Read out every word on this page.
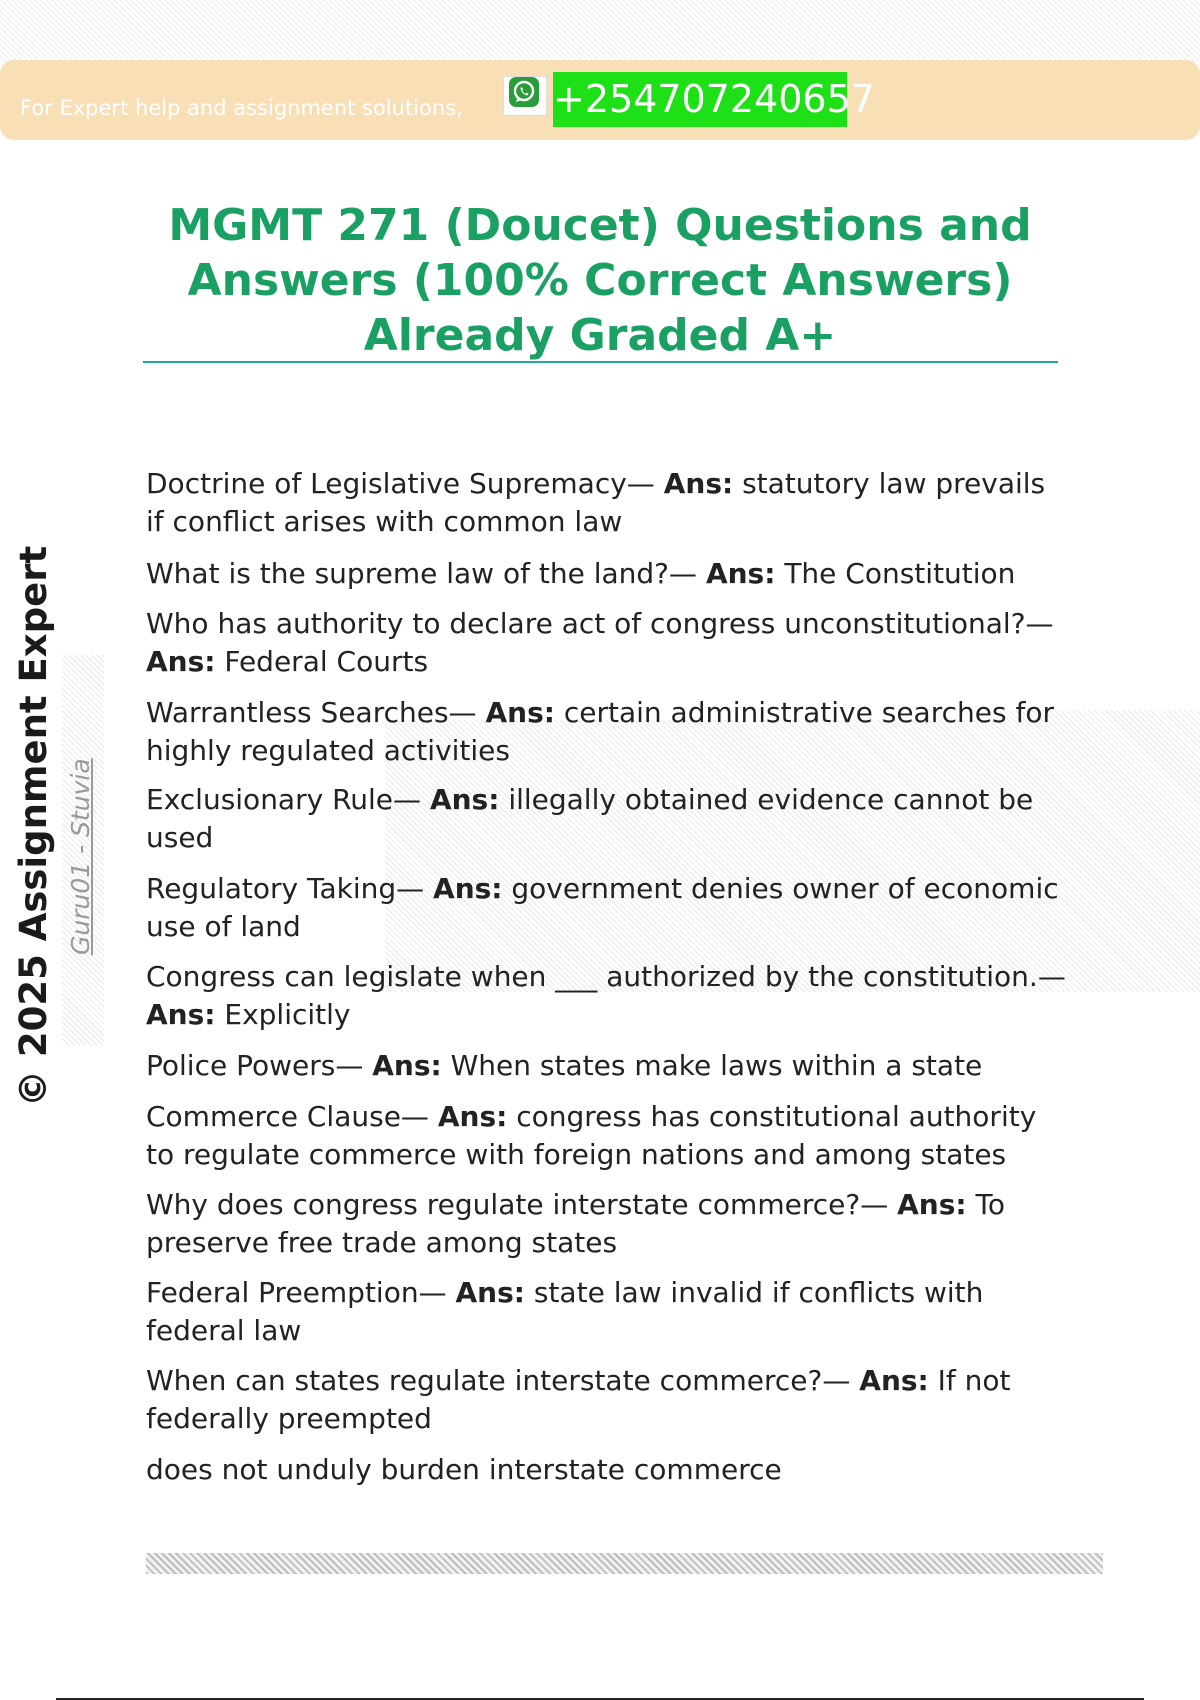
For Expert help and assignment solutions, +254707240657
MGMT 271 (Doucet) Questions and Answers (100% Correct Answers) Already Graded A+
© 2025 Assignment Expert Guru01 - Stuvia

Doctrine of Legislative Supremacy— Ans: statutory law prevails if conflict arises with common law

What is the supreme law of the land?— Ans: The Constitution

Who has authority to declare act of congress unconstitutional?— Ans: Federal Courts

Warrantless Searches— Ans: certain administrative searches for highly regulated activities

Exclusionary Rule— Ans: illegally obtained evidence cannot be used

Regulatory Taking— Ans: government denies owner of economic use of land

Congress can legislate when ___ authorized by the constitution.— Ans: Explicitly

Police Powers— Ans: When states make laws within a state

Commerce Clause— Ans: congress has constitutional authority to regulate commerce with foreign nations and among states

Why does congress regulate interstate commerce?— Ans: To preserve free trade among states

Federal Preemption— Ans: state law invalid if conflicts with federal law

When can states regulate interstate commerce?— Ans: If not federally preempted

does not unduly burden interstate commerce
